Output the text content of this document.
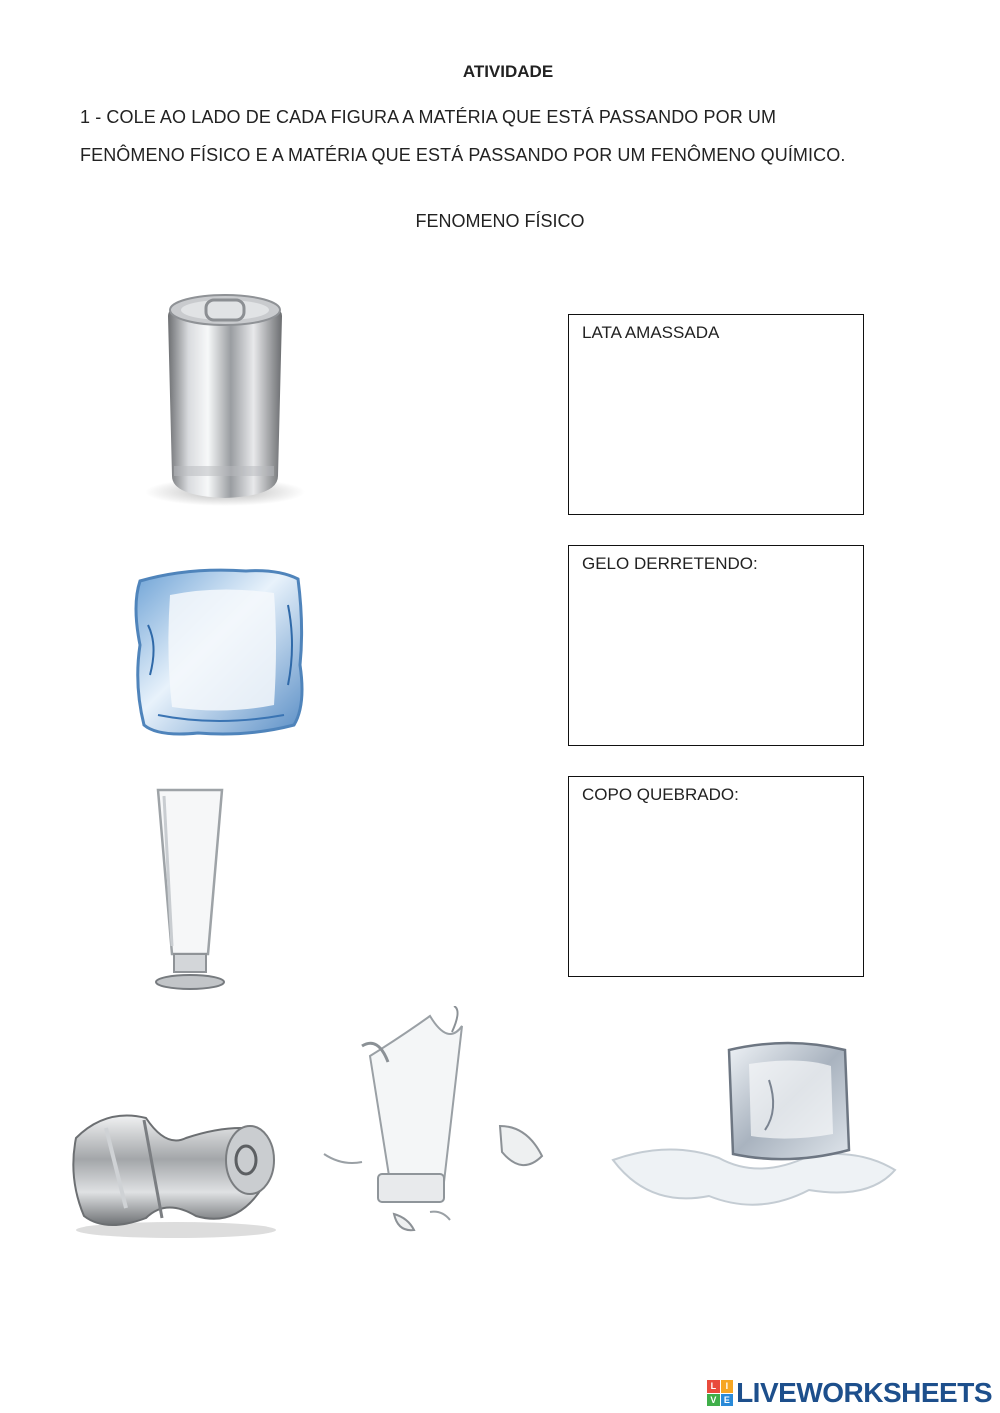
ATIVIDADE
1 - COLE AO LADO DE CADA FIGURA A MATÉRIA QUE ESTÁ PASSANDO POR UM
FENÔMENO FÍSICO E A MATÉRIA QUE ESTÁ PASSANDO POR UM FENÔMENO QUÍMICO.
FENOMENO FÍSICO
LATA AMASSADA
GELO DERRETENDO:
COPO QUEBRADO:
L	I
V E LIVEWORKSHEETS
